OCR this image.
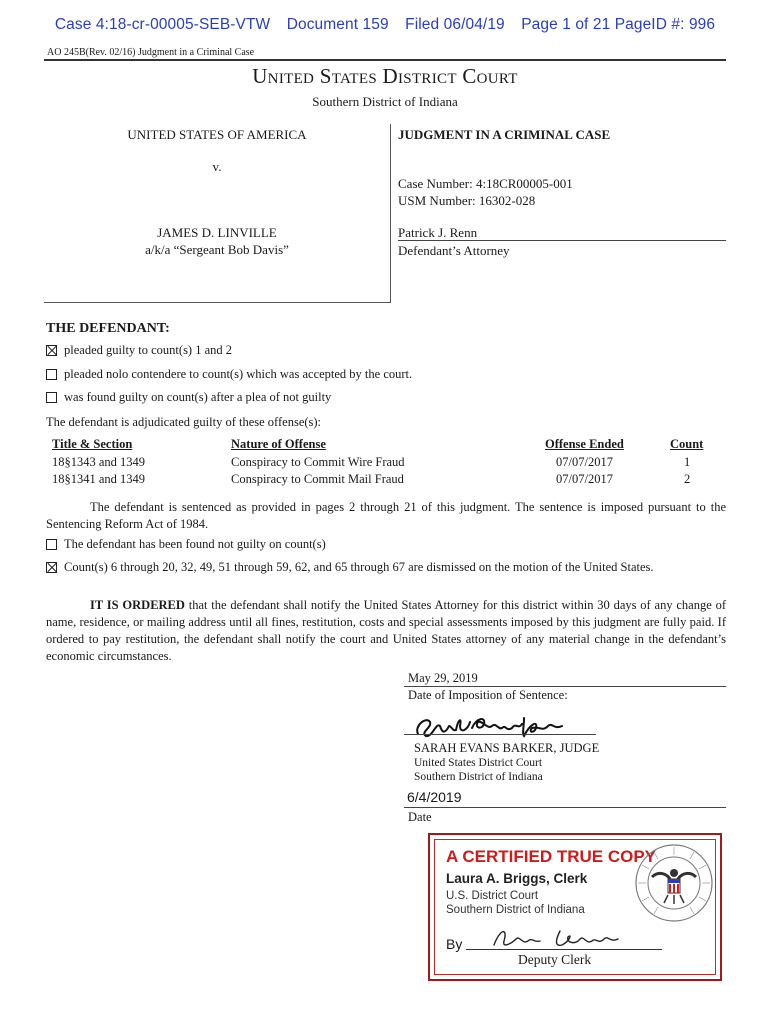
Case 4:18-cr-00005-SEB-VTW Document 159 Filed 06/04/19 Page 1 of 21 PageID #: 996
AO 245B(Rev. 02/16) Judgment in a Criminal Case
United States District Court
Southern District of Indiana
UNITED STATES OF AMERICA
v.
JAMES D. LINVILLE
a/k/a “Sergeant Bob Davis”
JUDGMENT IN A CRIMINAL CASE
Case Number: 4:18CR00005-001
USM Number: 16302-028
Patrick J. Renn
Defendant’s Attorney
THE DEFENDANT:
pleaded guilty to count(s)
1 and 2
pleaded nolo contendere to count(s)
which was accepted by the court.
was found guilty on count(s)
after a plea of not guilty
The defendant is adjudicated guilty of these offense(s):
Title & Section	Nature of Offense	Offense Ended	Count
18§1343 and 1349	Conspiracy to Commit Wire Fraud	07/07/2017	1
18§1341 and 1349	Conspiracy to Commit Mail Fraud	07/07/2017	2
The defendant is sentenced as provided in pages 2 through 21 of this judgment. The sentence is imposed pursuant to the Sentencing Reform Act of 1984.
The defendant has been found not guilty on count(s)
Count(s) 6 through 20, 32, 49, 51 through 59, 62, and 65 through 67 are dismissed on the motion of the United States.
IT IS ORDERED that the defendant shall notify the United States Attorney for this district within 30 days of any change of name, residence, or mailing address until all fines, restitution, costs and special assessments imposed by this judgment are fully paid. If ordered to pay restitution, the defendant shall notify the court and United States attorney of any material change in the defendant’s economic circumstances.
May 29, 2019
Date of Imposition of Sentence:
SARAH EVANS BARKER, JUDGE
United States District Court
Southern District of Indiana
6/4/2019
Date
A CERTIFIED TRUE COPY
Laura A. Briggs, Clerk
U.S. District Court
Southern District of Indiana
By
Deputy Clerk
